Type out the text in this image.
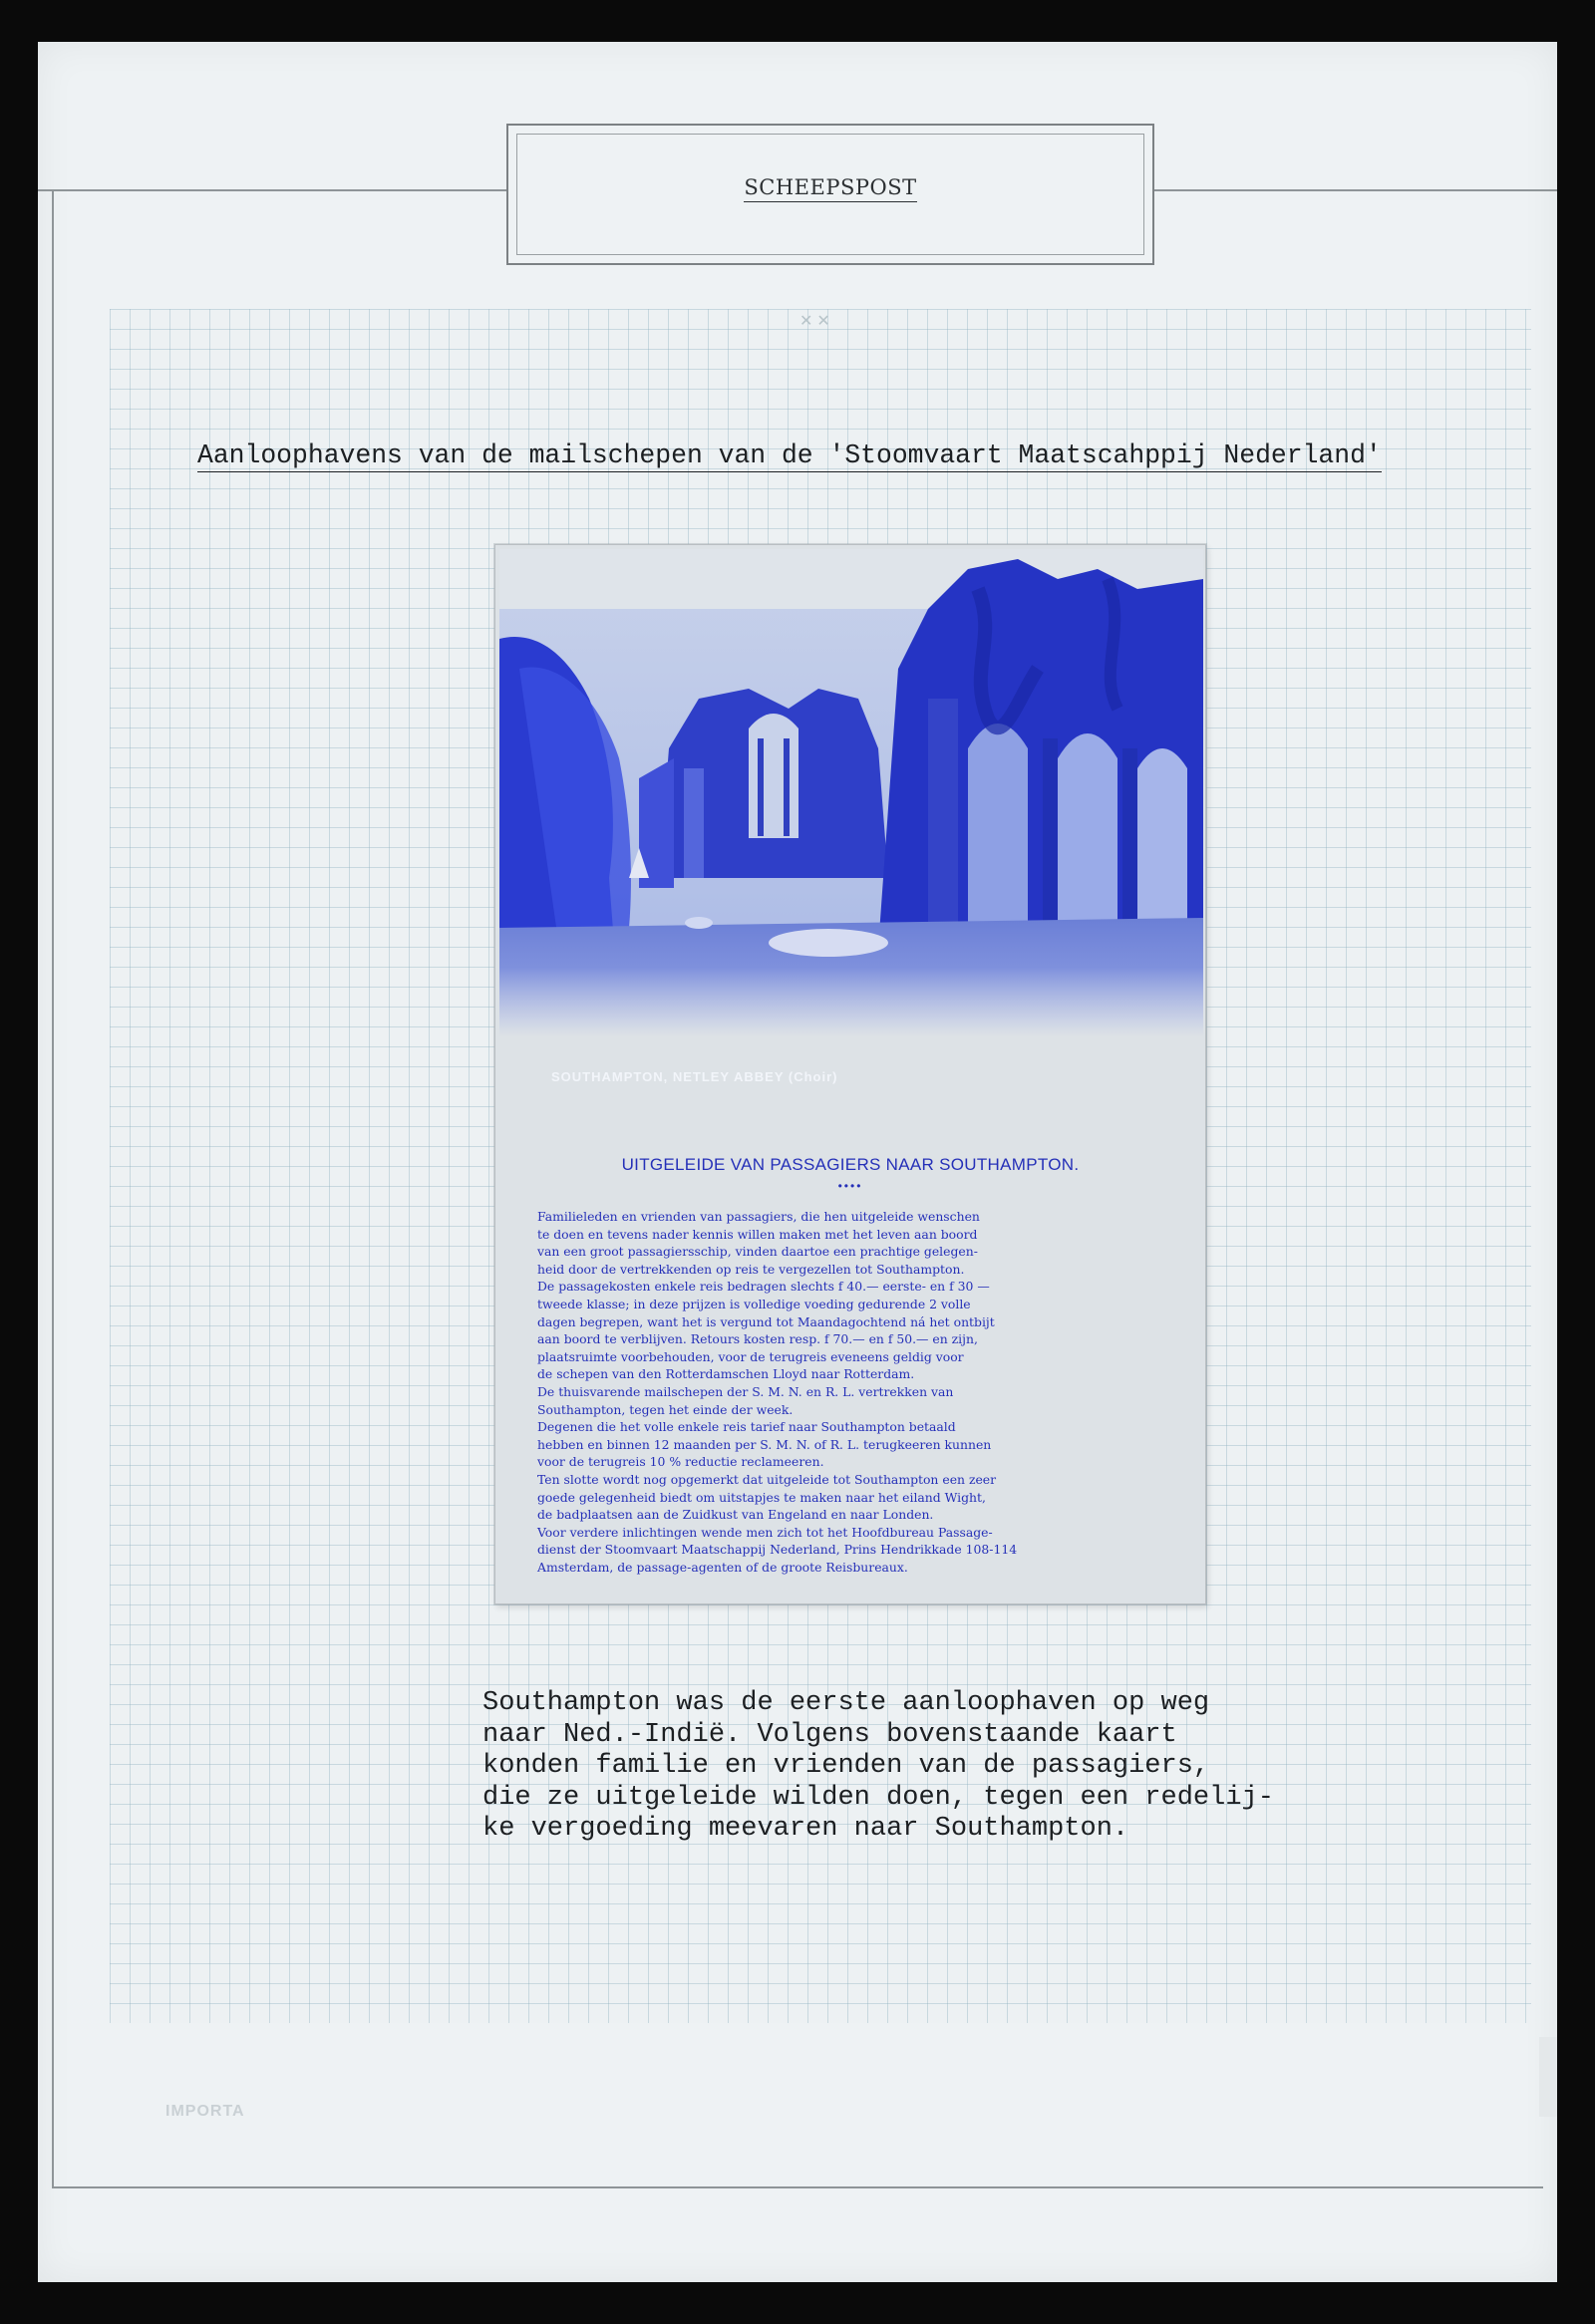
SCHEEPSPOST
✕✕
Aanloophavens van de mailschepen van de 'Stoomvaart Maatscahppij Nederland'
SOUTHAMPTON, NETLEY ABBEY (Choir)
UITGELEIDE VAN PASSAGIERS NAAR SOUTHAMPTON.
••••

Familieleden en vrienden van passagiers, die hen uitgeleide wenschen

te doen en tevens nader kennis willen maken met het leven aan boord

van een groot passagiersschip, vinden daartoe een prachtige gelegen-

heid door de vertrekkenden op reis te vergezellen tot Southampton.

De passagekosten enkele reis bedragen slechts f 40.— eerste- en f 30 —

tweede klasse; in deze prijzen is volledige voeding gedurende 2 volle

dagen begrepen, want het is vergund tot Maandagochtend ná het ontbijt

aan boord te verblijven. Retours kosten resp. f 70.— en f 50.— en zijn,

plaatsruimte voorbehouden, voor de terugreis eveneens geldig voor

de schepen van den Rotterdamschen Lloyd naar Rotterdam.

De thuisvarende mailschepen der S. M. N. en R. L. vertrekken van

Southampton, tegen het einde der week.

Degenen die het volle enkele reis tarief naar Southampton betaald

hebben en binnen 12 maanden per S. M. N. of R. L. terugkeeren kunnen

voor de terugreis 10 % reductie reclameeren.

Ten slotte wordt nog opgemerkt dat uitgeleide tot Southampton een zeer

goede gelegenheid biedt om uitstapjes te maken naar het eiland Wight,

de badplaatsen aan de Zuidkust van Engeland en naar Londen.

Voor verdere inlichtingen wende men zich tot het Hoofdbureau Passage-

dienst der Stoomvaart Maatschappij Nederland, Prins Hendrikkade 108-114

Amsterdam, de passage-agenten of de groote Reisbureaux.

Southampton was de eerste aanloophaven op weg

naar Ned.-Indië. Volgens bovenstaande kaart

konden familie en vrienden van de passagiers,

die ze uitgeleide wilden doen, tegen een redelij-

ke vergoeding meevaren naar Southampton.

IMPORTA
